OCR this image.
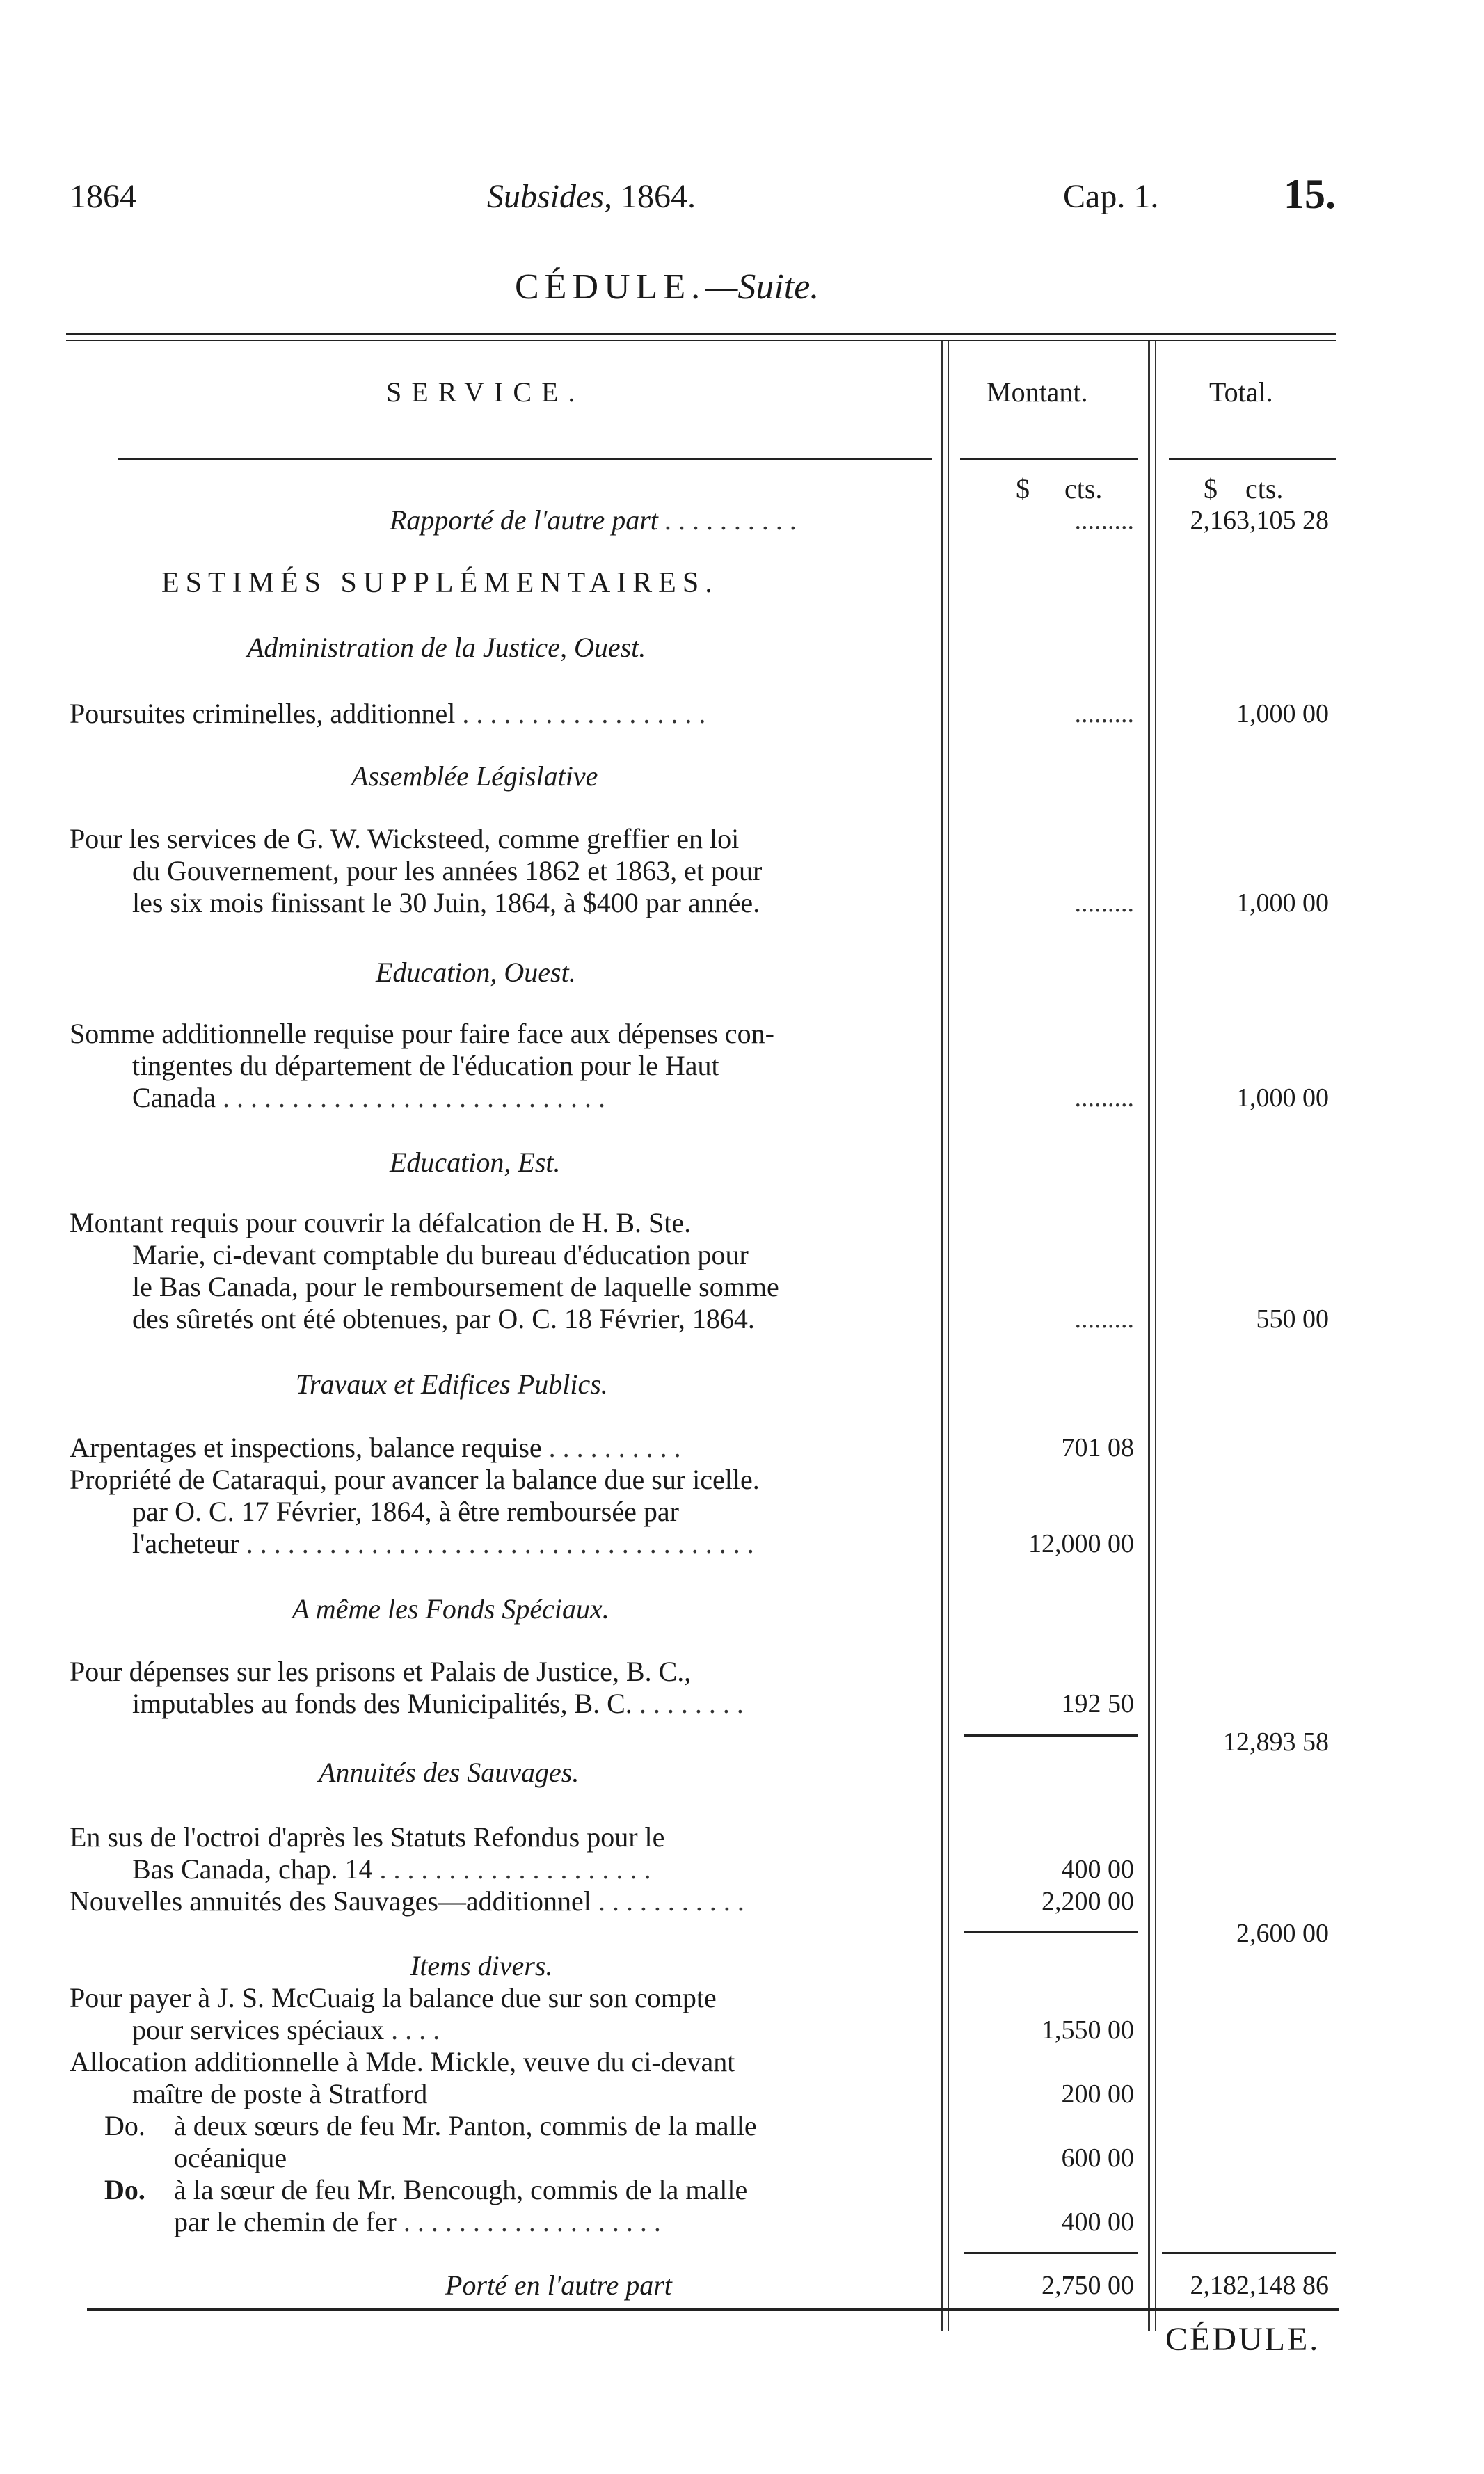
1864	Subsides, 1864.	Cap. 1.	15.
CÉDULE.—Suite.
SERVICE.	Montant.	Total.
$ cts.	$ cts.
Rapporté de l'autre part . . . . . . . . . .	.........	2,163,105 28
ESTIMÉS SUPPLÉMENTAIRES.
Administration de la Justice, Ouest.
Poursuites criminelles, additionnel . . . . . . . . . . . . . . . . . .	.........	1,000 00
Assemblée Législative
Pour les services de G. W. Wicksteed, comme greffier en loi
du Gouvernement, pour les années 1862 et 1863, et pour
les six mois finissant le 30 Juin, 1864, à $400 par année.	.........	1,000 00
Education, Ouest.
Somme additionnelle requise pour faire face aux dépenses con-
tingentes du département de l'éducation pour le Haut
Canada . . . . . . . . . . . . . . . . . . . . . . . . . . . .	.........	1,000 00
Education, Est.
Montant requis pour couvrir la défalcation de H. B. Ste.
Marie, ci-devant comptable du bureau d'éducation pour
le Bas Canada, pour le remboursement de laquelle somme
des sûretés ont été obtenues, par O. C. 18 Février, 1864.	.........	550 00
Travaux et Edifices Publics.
Arpentages et inspections, balance requise . . . . . . . . . .	701 08
Propriété de Cataraqui, pour avancer la balance due sur icelle.
par O. C. 17 Février, 1864, à être remboursée par
l'acheteur . . . . . . . . . . . . . . . . . . . . . . . . . . . . . . . . . . . . .	12,000 00
A même les Fonds Spéciaux.
Pour dépenses sur les prisons et Palais de Justice, B. C.,
imputables au fonds des Municipalités, B. C. . . . . . . . .	192 50
12,893 58
Annuités des Sauvages.
En sus de l'octroi d'après les Statuts Refondus pour le
Bas Canada, chap. 14 . . . . . . . . . . . . . . . . . . . .	400 00
Nouvelles annuités des Sauvages—additionnel . . . . . . . . . . .	2,200 00
2,600 00
Items divers.
Pour payer à J. S. McCuaig la balance due sur son compte
pour services spéciaux . . . .	1,550 00
Allocation additionnelle à Mde. Mickle, veuve du ci-devant
maître de poste à Stratford	200 00
Do. à deux sœurs de feu Mr. Panton, commis de la malle
océanique	600 00
Do. à la sœur de feu Mr. Bencough, commis de la malle
par le chemin de fer . . . . . . . . . . . . . . . . . . .	400 00
Porté en l'autre part	2,750 00	2,182,148 86
CÉDULE.
